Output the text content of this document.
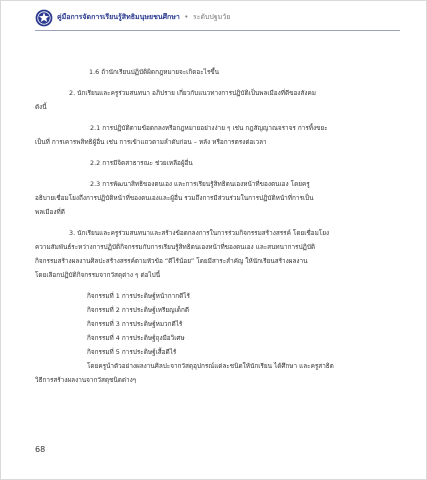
คู่มือการจัดการเรียนรู้สิทธิมนุษยชนศึกษา • ระดับปฐมวัย

1.6 ถ้านักเรียนปฏิบัติผิดกฎหมายจะเกิดอะไรขึ้น

2. นักเรียนและครูร่วมสนทนา อภิปราย เกี่ยวกับแนวทางการปฏิบัติเป็นพลเมืองที่ดีของสังคม

ดังนี้

2.1 การปฏิบัติตามข้อตกลงหรือกฎหมายอย่างง่าย ๆ เช่น กฎสัญญาณจราจร การทิ้งขยะ

เป็นที่ การเคารพสิทธิผู้อื่น เช่น การเข้าแถวตามลำดับก่อน – หลัง หรือการตรงต่อเวลา

2.2 การมีจิตสาธารณะ ช่วยเหลือผู้อื่น

2.3 การพัฒนาสิทธิของตนเอง และการเรียนรู้สิทธิตนเองหน้าที่ของตนเอง โดยครู

อธิบายเชื่อมโยงถึงการปฏิบัติหน้าที่ของตนเองและผู้อื่น รวมถึงการมีส่วนร่วมในการปฏิบัติหน้าที่การเป็น

พลเมืองที่ดี

3. นักเรียนและครูร่วมสนทนาและสร้างข้อตกลงการในการร่วมกิจกรรมสร้างสรรค์ โดยเชื่อมโยง

ความสัมพันธ์ระหว่างการปฏิบัติกิจกรรมกับการเรียนรู้สิทธิตนเองหน้าที่ของตนเอง และสนทนาการปฏิบัติ

กิจกรรมสร้างผลงานศิลปะสร้างสรรค์ตามหัวข้อ “ดีไร้น้อย” โดยมีสาระสำคัญ ให้นักเรียนสร้างผลงาน

โดยเลือกปฏิบัติกิจกรรมจากวัสดุต่าง ๆ ต่อไปนี้

กิจกรรมที่ 1 การประดิษฐ์หน้ากากดีไร้

กิจกรรมที่ 2 การประดิษฐ์เหรียญเด็กดี

กิจกรรมที่ 3 การประดิษฐ์หมวกดีไร้

กิจกรรมที่ 4 การประดิษฐ์ถุงมือวิเศษ

กิจกรรมที่ 5 การประดิษฐ์เสื้อดีไร้

โดยครูนำตัวอย่างผลงานศิลปะจากวัสดุอุปกรณ์แต่ละชนิดให้นักเรียน ได้ศึกษา และครูสาธิต

วิธีการสร้างผลงานจากวัสดุชนิดต่างๆ

68
